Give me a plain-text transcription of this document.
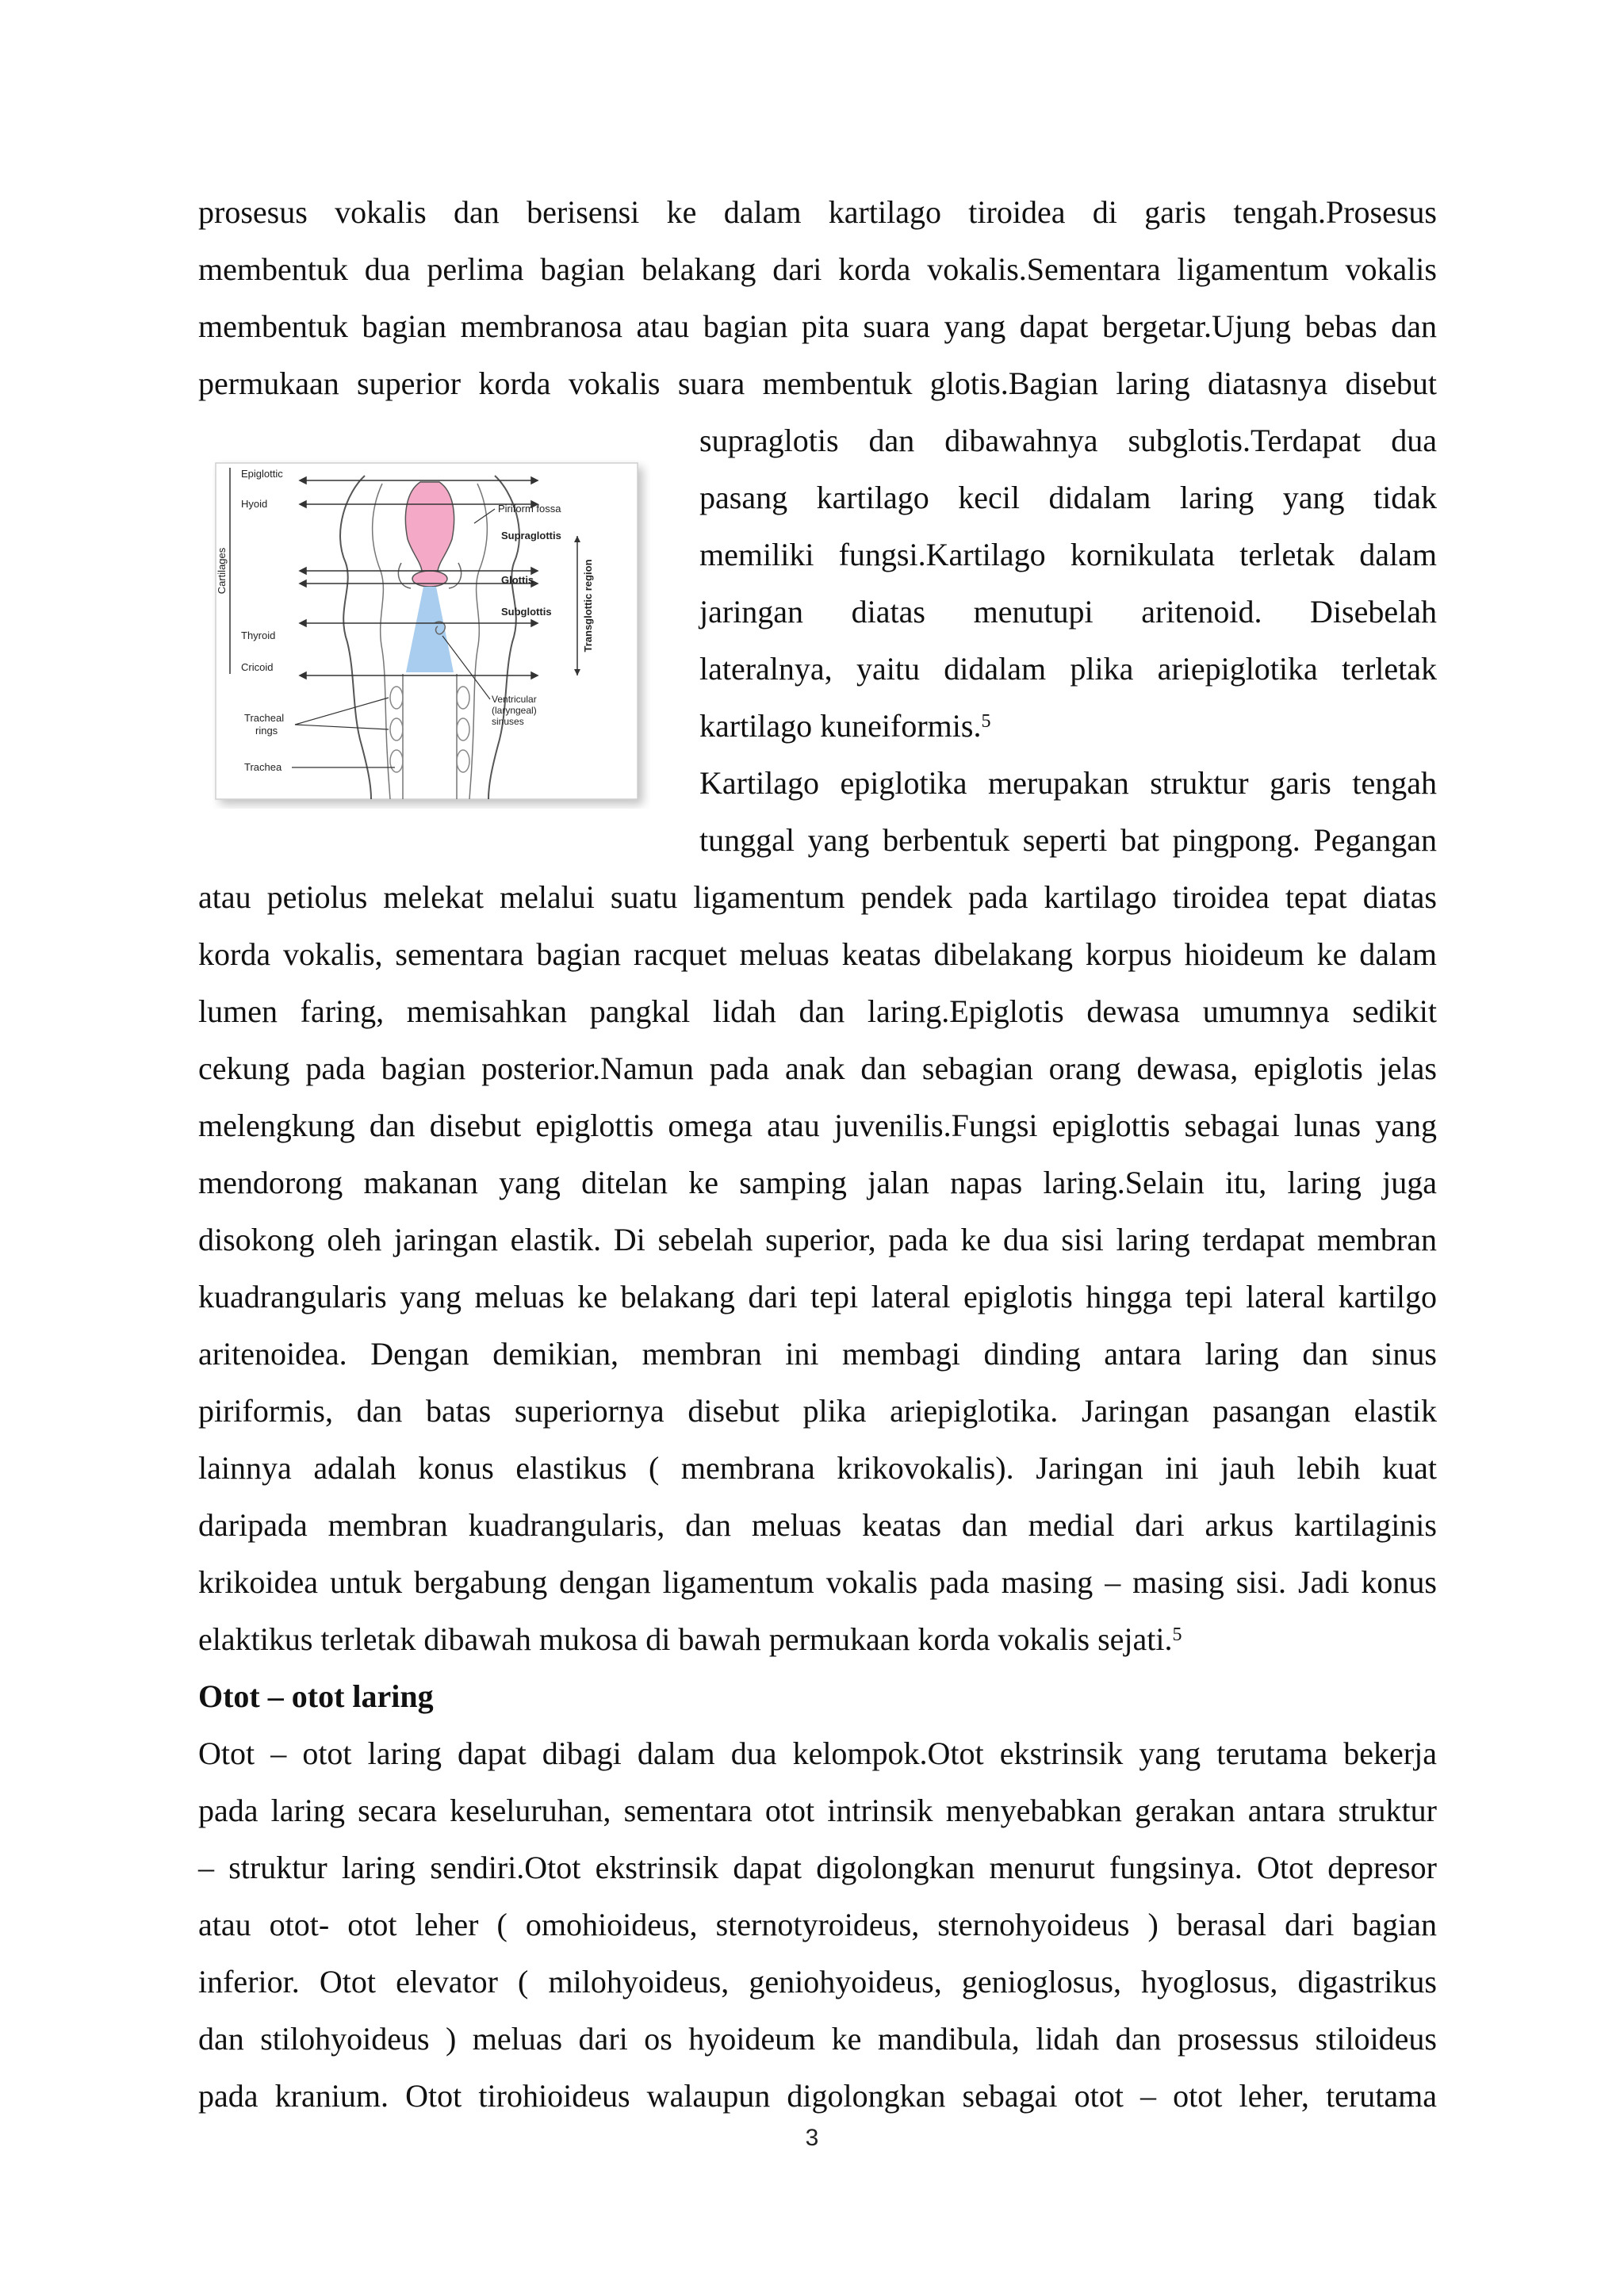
prosesus vokalis dan berisensi ke dalam kartilago tiroidea di garis tengah.Prosesus
membentuk dua perlima bagian belakang dari korda vokalis.Sementara ligamentum vokalis
membentuk bagian membranosa atau bagian pita suara yang dapat bergetar.Ujung bebas dan
permukaan superior korda vokalis suara membentuk glotis.Bagian laring diatasnya disebut
supraglotis dan dibawahnya subglotis.Terdapat dua
pasang kartilago kecil didalam laring yang tidak
memiliki fungsi.Kartilago kornikulata terletak dalam
jaringan diatas menutupi aritenoid. Disebelah
lateralnya, yaitu didalam plika ariepiglotika terletak
kartilago kuneiformis.$^5$
Kartilago epiglotika merupakan struktur garis tengah
tunggal yang berbentuk seperti bat pingpong. Pegangan
atau petiolus melekat melalui suatu ligamentum pendek pada kartilago tiroidea tepat diatas
korda vokalis, sementara bagian racquet meluas keatas dibelakang korpus hioideum ke dalam
lumen faring, memisahkan pangkal lidah dan laring.Epiglotis dewasa umumnya sedikit
cekung pada bagian posterior.Namun pada anak dan sebagian orang dewasa, epiglotis jelas
melengkung dan disebut epiglottis omega atau juvenilis.Fungsi epiglottis sebagai lunas yang
mendorong makanan yang ditelan ke samping jalan napas laring.Selain itu, laring juga
disokong oleh jaringan elastik. Di sebelah superior, pada ke dua sisi laring terdapat membran
kuadrangularis yang meluas ke belakang dari tepi lateral epiglotis hingga tepi lateral kartilgo
aritenoidea. Dengan demikian, membran ini membagi dinding antara laring dan sinus
piriformis, dan batas superiornya disebut plika ariepiglotika. Jaringan pasangan elastik
lainnya adalah konus elastikus ( membrana krikovokalis). Jaringan ini jauh lebih kuat
daripada membran kuadrangularis, dan meluas keatas dan medial dari arkus kartilaginis
krikoidea untuk bergabung dengan ligamentum vokalis pada masing – masing sisi. Jadi konus
elaktikus terletak dibawah mukosa di bawah permukaan korda vokalis sejati.$^5$
Otot – otot laring
Otot – otot laring dapat dibagi dalam dua kelompok.Otot ekstrinsik yang terutama bekerja
pada laring secara keseluruhan, sementara otot intrinsik menyebabkan gerakan antara struktur
– struktur laring sendiri.Otot ekstrinsik dapat digolongkan menurut fungsinya. Otot depresor
atau otot- otot leher ( omohioideus, sternotyroideus, sternohyoideus ) berasal dari bagian
inferior. Otot elevator ( milohyoideus, geniohyoideus, genioglosus, hyoglosus, digastrikus
dan stilohyoideus ) meluas dari os hyoideum ke mandibula, lidah dan prosessus stiloideus
pada kranium. Otot tirohioideus walaupun digolongkan sebagai otot – otot leher, terutama
3
Cartilages	Transglottic region
Epiglottic
Hyoid
Thyroid
Cricoid
Tracheal
rings
Trachea
Piriform fossa
Supraglottis
Glottis
Subglottis
Ventricular
(laryngeal)
sinuses
